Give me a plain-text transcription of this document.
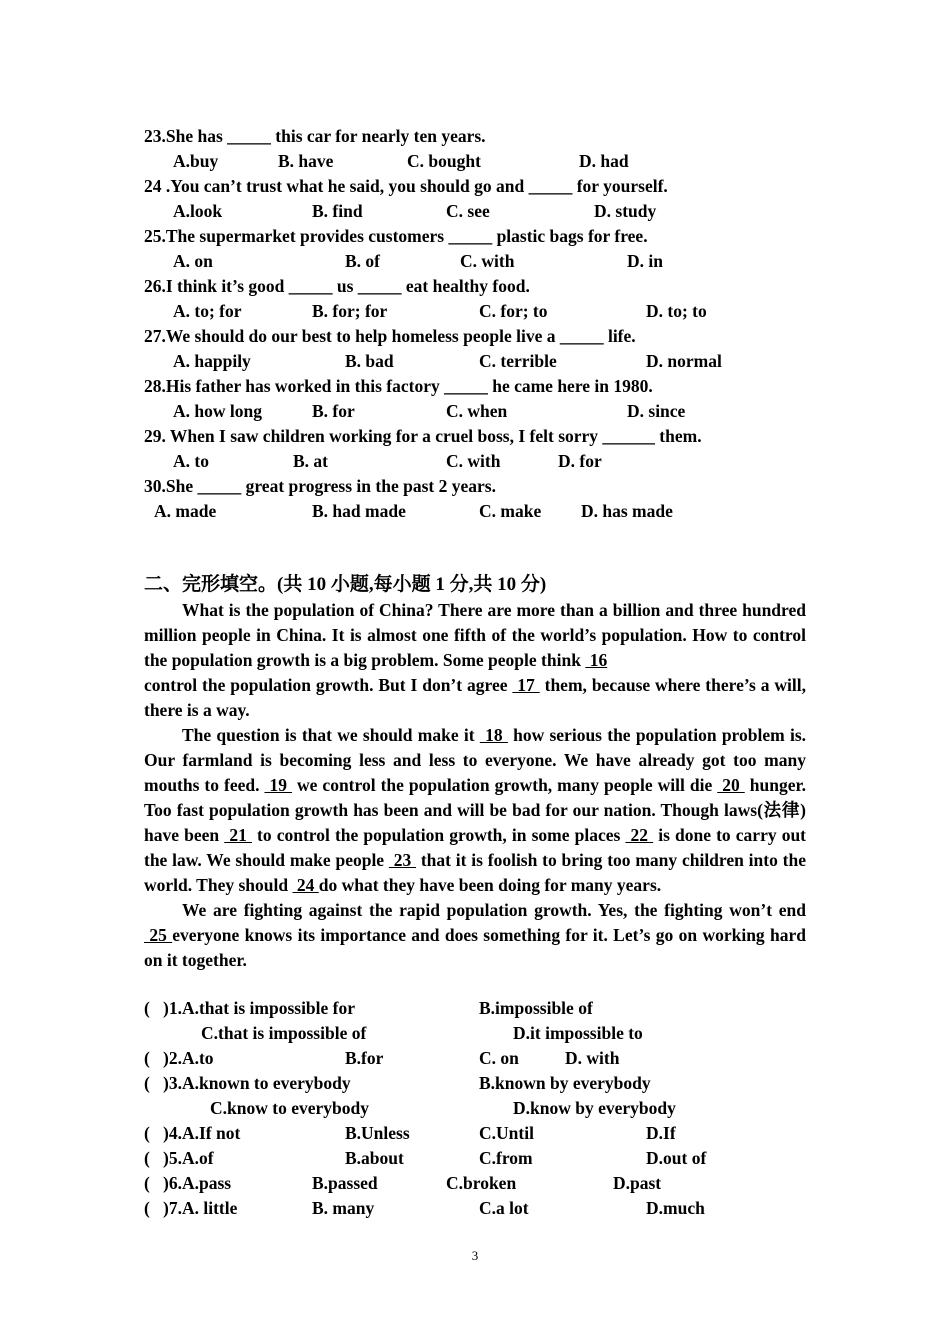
23.She has _____ this car for nearly ten years.
A.buy	B. have	C. bought	D. had
24 .You can’t trust what he said, you should go and _____ for yourself.
A.look	B. find	C. see	D. study
25.The supermarket provides customers _____ plastic bags for free.
A. on	B. of	C. with	D. in
26.I think it’s good _____ us _____ eat healthy food.
A. to; for	B. for; for	C. for; to	D. to; to
27.We should do our best to help homeless people live a _____ life.
A. happily	B. bad	C. terrible	D. normal
28.His father has worked in this factory _____ he came here in 1980.
A. how long	B. for	C. when	D. since
29. When I saw children working for a cruel boss, I felt sorry ______ them.
A. to	B. at	C. with	D. for
30.She _____ great progress in the past 2 years.
A. made	B. had made	C. make D. has made
二、完形填空。(共 10 小题,每小题 1 分,共 10 分)

What is the population of China? There are more than a billion and three hundred million people in China. It is almost one fifth of the world’s population. How to control the population growth is a big problem. Some people think  16
control the population growth. But I don’t agree  17  them, because where there’s a will, there is a way.

The question is that we should make it  18  how serious the population problem is. Our farmland is becoming less and less to everyone. We have already got too many mouths to feed.  19  we control the population growth, many people will die  20  hunger. Too fast population growth has been and will be bad for our nation. Though laws(法律) have been  21  to control the population growth, in some places  22  is done to carry out the law. We should make people  23  that it is foolish to bring too many children into the world. They should  24 do what they have been doing for many years.

We are fighting against the rapid population growth. Yes, the fighting won’t end  25 everyone knows its importance and does something for it. Let’s go on working hard on it together.

( )1.A.that is impossible for	B.impossible of
C.that is impossible of	D.it impossible to
( )2.A.to	B.for	C. on	D. with
( )3.A.known to everybody	B.known by everybody
C.know to everybody	D.know by everybody
( )4.A.If not	B.Unless	C.Until	D.If
( )5.A.of	B.about	C.from	D.out of
( )6.A.pass	B.passed	C.broken	D.past
( )7.A. little	B. many	C.a lot	D.much
3
